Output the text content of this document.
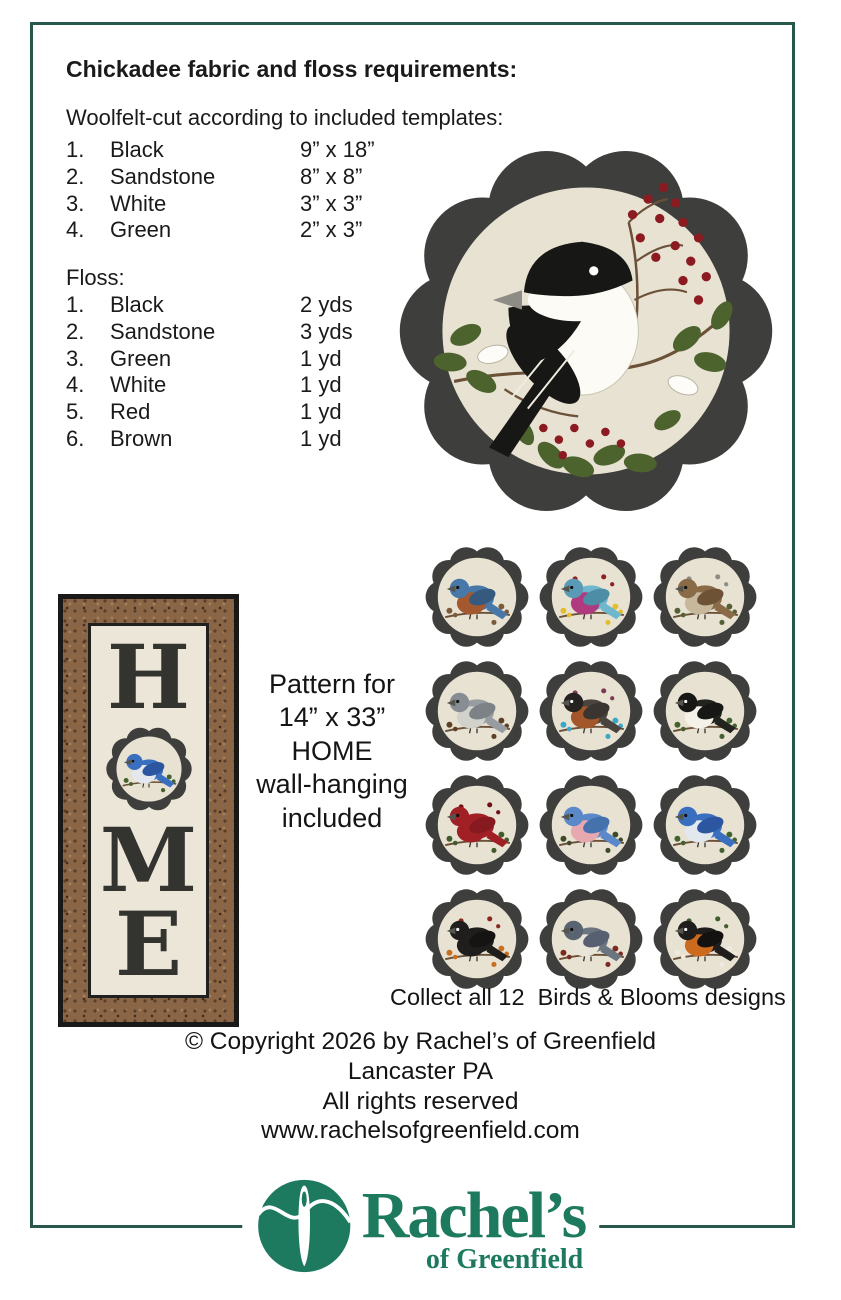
Chickadee fabric and floss requirements:
Woolfelt-cut according to included templates:
1.	Black	9” x 18”
2.	Sandstone	8” x 8”
3.	White	3” x 3”
4.	Green	2” x 3”
Floss:
1.	Black	2 yds
2.	Sandstone	3 yds
3.	Green	1 yd
4.	White	1 yd
5.	Red	1 yd
6.	Brown	1 yd
H
M
E
Pattern for
14” x 33”
HOME
wall-hanging
included
Collect all 12  Birds & Blooms designs
© Copyright 2026 by Rachel’s of Greenfield
Lancaster PA
All rights reserved
www.rachelsofgreenfield.com
Rachel’s
of Greenfield
